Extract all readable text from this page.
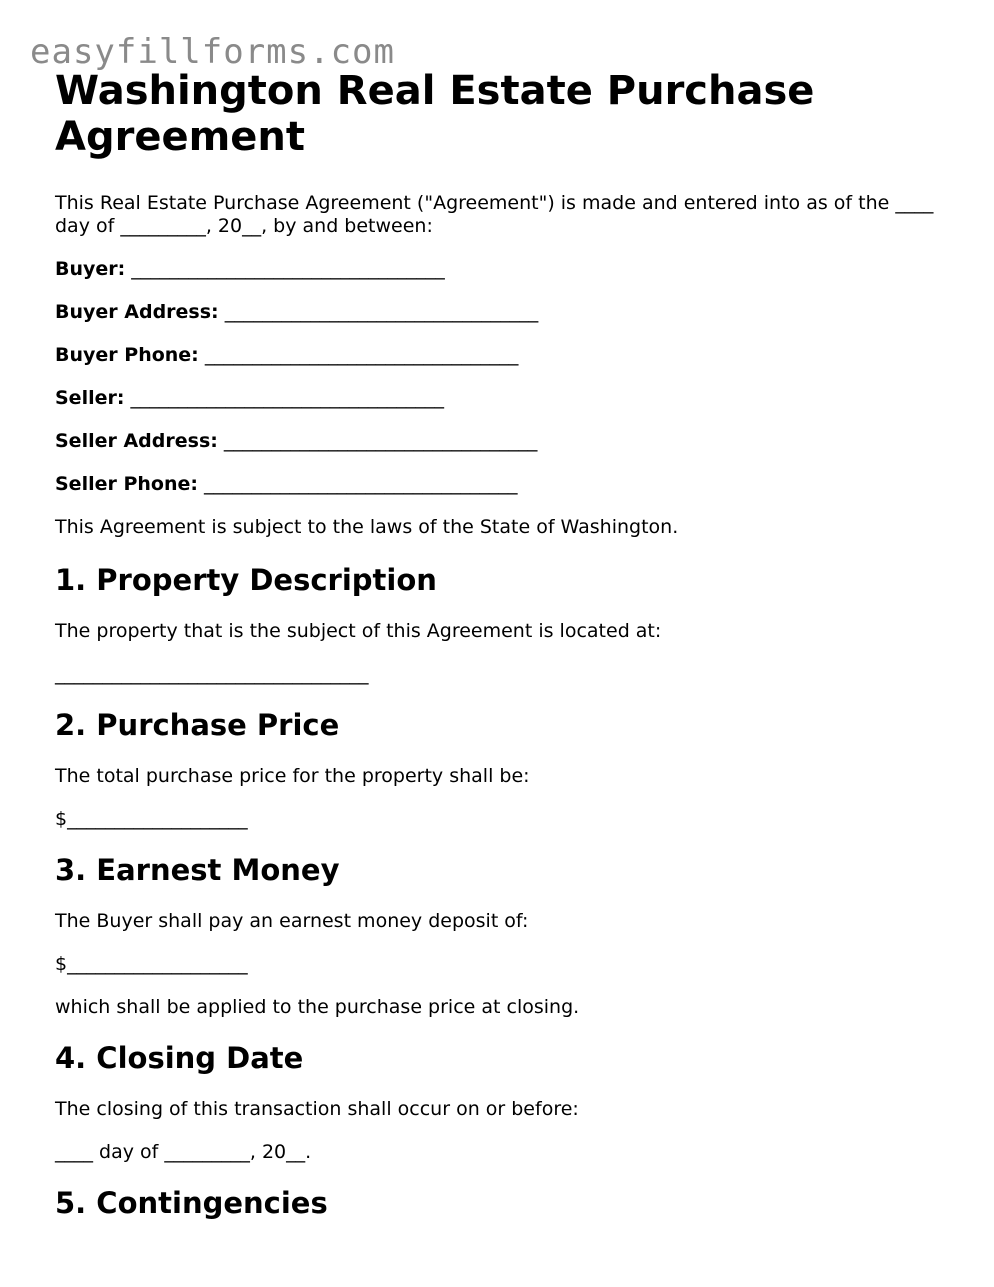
easyfillforms.com
Washington Real Estate Purchase Agreement

This Real Estate Purchase Agreement ("Agreement") is made and entered into as of the ____ day of _________, 20__, by and between:

Buyer: _________________________________
Buyer Address: _________________________________
Buyer Phone: _________________________________
Seller: _________________________________
Seller Address: _________________________________
Seller Phone: _________________________________

This Agreement is subject to the laws of the State of Washington.

1. Property Description

The property that is the subject of this Agreement is located at:

_________________________________

2. Purchase Price

The total purchase price for the property shall be:

$___________________

3. Earnest Money

The Buyer shall pay an earnest money deposit of:

$___________________

which shall be applied to the purchase price at closing.

4. Closing Date

The closing of this transaction shall occur on or before:

____ day of _________, 20__.

5. Contingencies
